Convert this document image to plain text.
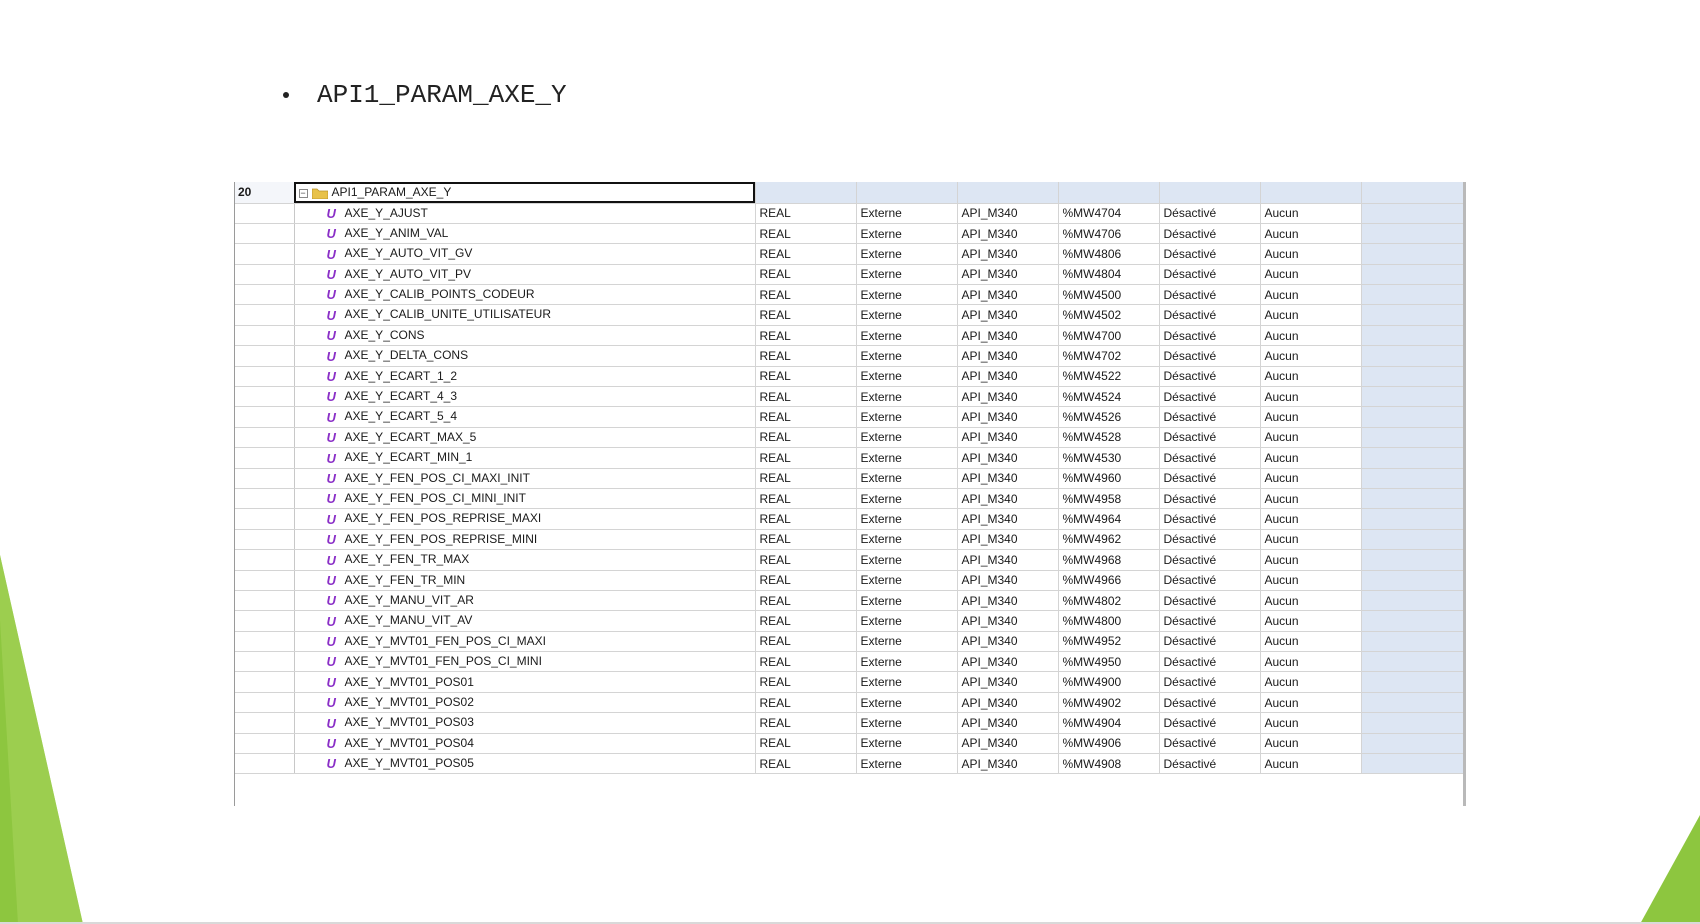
API1_PARAM_AXE_Y
20	− API1_PARAM_AXE_Y							
	U AXE_Y_AJUST	REAL	Externe	API_M340	%MW4704	Désactivé	Aucun	
	U AXE_Y_ANIM_VAL	REAL	Externe	API_M340	%MW4706	Désactivé	Aucun	
	U AXE_Y_AUTO_VIT_GV	REAL	Externe	API_M340	%MW4806	Désactivé	Aucun	
	U AXE_Y_AUTO_VIT_PV	REAL	Externe	API_M340	%MW4804	Désactivé	Aucun	
	U AXE_Y_CALIB_POINTS_CODEUR	REAL	Externe	API_M340	%MW4500	Désactivé	Aucun	
	U AXE_Y_CALIB_UNITE_UTILISATEUR	REAL	Externe	API_M340	%MW4502	Désactivé	Aucun	
	U AXE_Y_CONS	REAL	Externe	API_M340	%MW4700	Désactivé	Aucun	
	U AXE_Y_DELTA_CONS	REAL	Externe	API_M340	%MW4702	Désactivé	Aucun	
	U AXE_Y_ECART_1_2	REAL	Externe	API_M340	%MW4522	Désactivé	Aucun	
	U AXE_Y_ECART_4_3	REAL	Externe	API_M340	%MW4524	Désactivé	Aucun	
	U AXE_Y_ECART_5_4	REAL	Externe	API_M340	%MW4526	Désactivé	Aucun	
	U AXE_Y_ECART_MAX_5	REAL	Externe	API_M340	%MW4528	Désactivé	Aucun	
	U AXE_Y_ECART_MIN_1	REAL	Externe	API_M340	%MW4530	Désactivé	Aucun	
	U AXE_Y_FEN_POS_CI_MAXI_INIT	REAL	Externe	API_M340	%MW4960	Désactivé	Aucun	
	U AXE_Y_FEN_POS_CI_MINI_INIT	REAL	Externe	API_M340	%MW4958	Désactivé	Aucun	
	U AXE_Y_FEN_POS_REPRISE_MAXI	REAL	Externe	API_M340	%MW4964	Désactivé	Aucun	
	U AXE_Y_FEN_POS_REPRISE_MINI	REAL	Externe	API_M340	%MW4962	Désactivé	Aucun	
	U AXE_Y_FEN_TR_MAX	REAL	Externe	API_M340	%MW4968	Désactivé	Aucun	
	U AXE_Y_FEN_TR_MIN	REAL	Externe	API_M340	%MW4966	Désactivé	Aucun	
	U AXE_Y_MANU_VIT_AR	REAL	Externe	API_M340	%MW4802	Désactivé	Aucun	
	U AXE_Y_MANU_VIT_AV	REAL	Externe	API_M340	%MW4800	Désactivé	Aucun	
	U AXE_Y_MVT01_FEN_POS_CI_MAXI	REAL	Externe	API_M340	%MW4952	Désactivé	Aucun	
	U AXE_Y_MVT01_FEN_POS_CI_MINI	REAL	Externe	API_M340	%MW4950	Désactivé	Aucun	
	U AXE_Y_MVT01_POS01	REAL	Externe	API_M340	%MW4900	Désactivé	Aucun	
	U AXE_Y_MVT01_POS02	REAL	Externe	API_M340	%MW4902	Désactivé	Aucun	
	U AXE_Y_MVT01_POS03	REAL	Externe	API_M340	%MW4904	Désactivé	Aucun	
	U AXE_Y_MVT01_POS04	REAL	Externe	API_M340	%MW4906	Désactivé	Aucun	
	U AXE_Y_MVT01_POS05	REAL	Externe	API_M340	%MW4908	Désactivé	Aucun	
